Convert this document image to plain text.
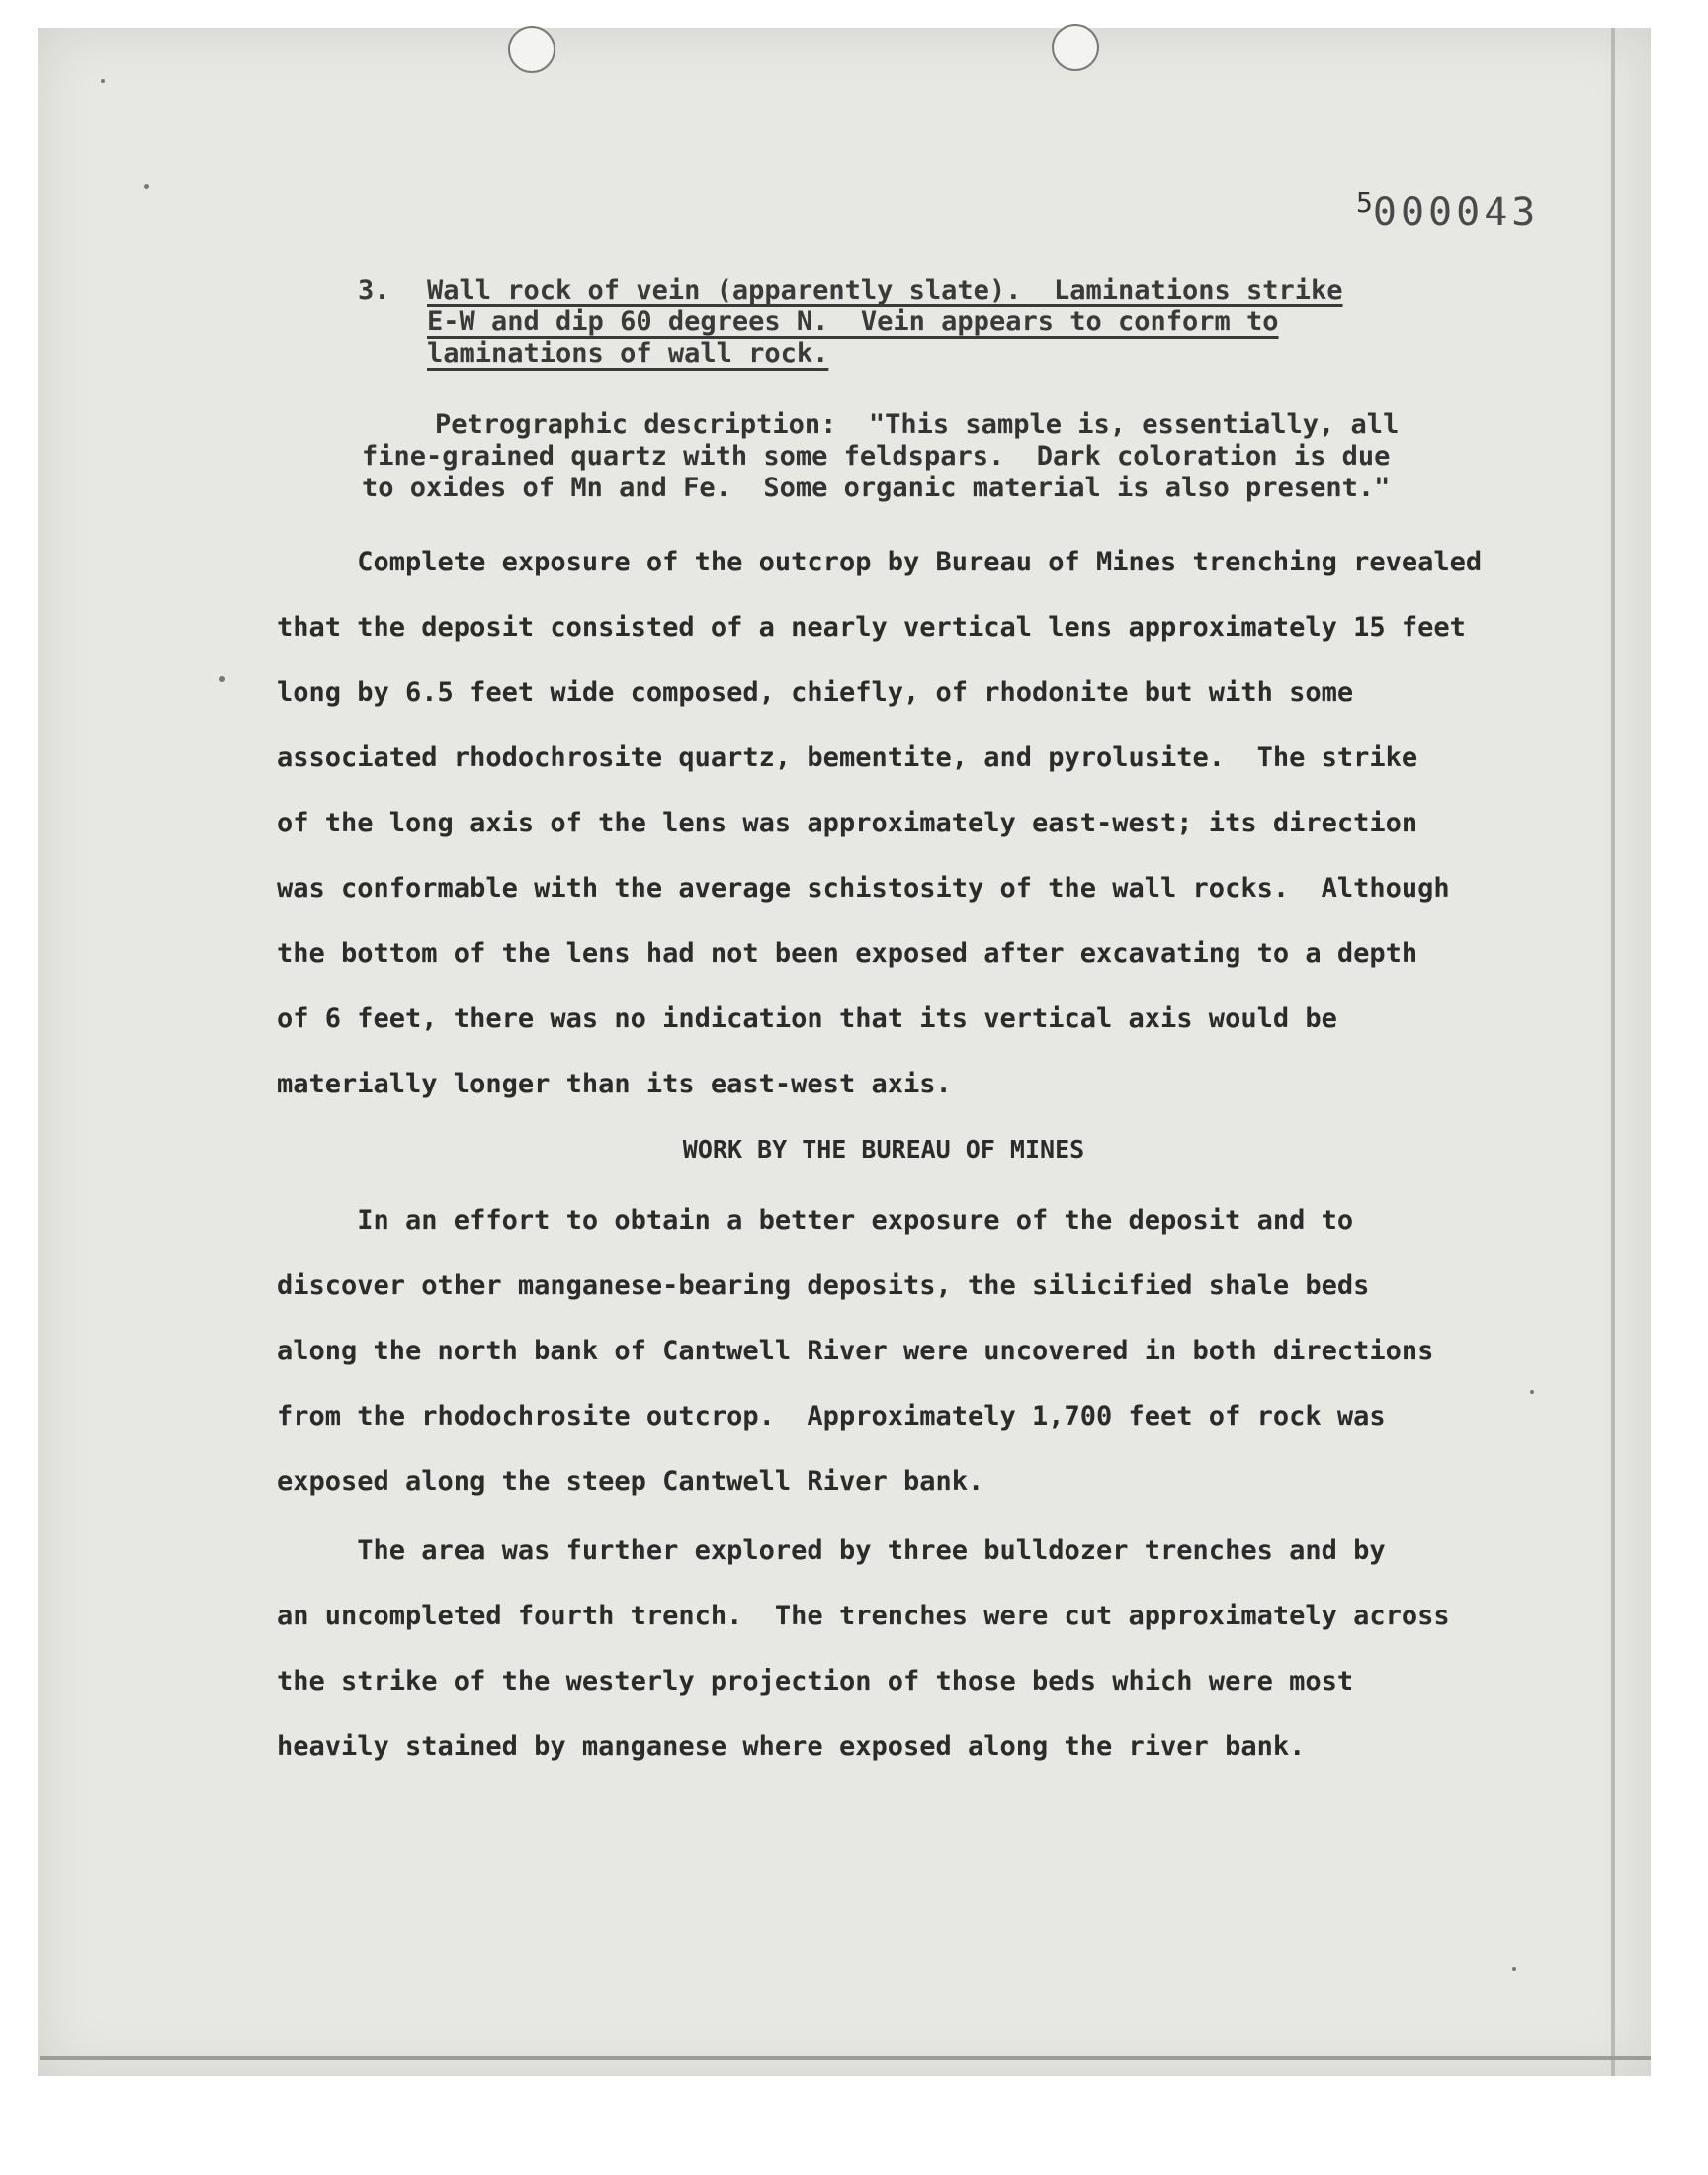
$^5$000043
3. Wall rock of vein (apparently slate).  Laminations strike
E-W and dip 60 degrees N.  Vein appears to conform to
laminations of wall rock.
Petrographic description:  "This sample is, essentially, all
fine-grained quartz with some feldspars.  Dark coloration is due
to oxides of Mn and Fe.  Some organic material is also present."
Complete exposure of the outcrop by Bureau of Mines trenching revealed
that the deposit consisted of a nearly vertical lens approximately 15 feet
long by 6.5 feet wide composed, chiefly, of rhodonite but with some
associated rhodochrosite quartz, bementite, and pyrolusite.  The strike
of the long axis of the lens was approximately east-west; its direction
was conformable with the average schistosity of the wall rocks.  Although
the bottom of the lens had not been exposed after excavating to a depth
of 6 feet, there was no indication that its vertical axis would be
materially longer than its east-west axis.
WORK BY THE BUREAU OF MINES
In an effort to obtain a better exposure of the deposit and to
discover other manganese-bearing deposits, the silicified shale beds
along the north bank of Cantwell River were uncovered in both directions
from the rhodochrosite outcrop.  Approximately 1,700 feet of rock was
exposed along the steep Cantwell River bank.
The area was further explored by three bulldozer trenches and by
an uncompleted fourth trench.  The trenches were cut approximately across
the strike of the westerly projection of those beds which were most
heavily stained by manganese where exposed along the river bank.
